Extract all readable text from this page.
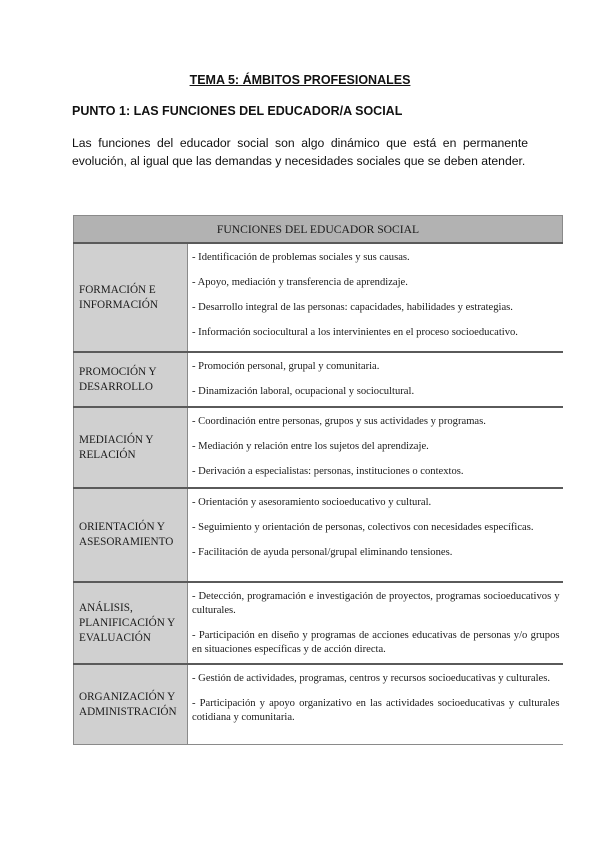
TEMA 5: ÁMBITOS PROFESIONALES
PUNTO 1: LAS FUNCIONES DEL EDUCADOR/A SOCIAL

Las funciones del educador social son algo dinámico que está en permanente evolución, al igual que las demandas y necesidades sociales que se deben atender.

FUNCIONES DEL EDUCADOR SOCIAL	
FORMACIÓN E INFORMACIÓN	- Identificación de problemas sociales y sus causas.
- Apoyo, mediación y transferencia de aprendizaje.
- Desarrollo integral de las personas: capacidades, habilidades y estrategias.
- Información sociocultural a los intervinientes en el proceso socioeducativo.

PROMOCIÓN Y DESARROLLO	- Promoción personal, grupal y comunitaria.
- Dinamización laboral, ocupacional y sociocultural.

MEDIACIÓN Y RELACIÓN	- Coordinación entre personas, grupos y sus actividades y programas.
- Mediación y relación entre los sujetos del aprendizaje.
- Derivación a especialistas: personas, instituciones o contextos.

ORIENTACIÓN Y ASESORAMIENTO	- Orientación y asesoramiento socioeducativo y cultural.
- Seguimiento y orientación de personas, colectivos con necesidades específicas.
- Facilitación de ayuda personal/grupal eliminando tensiones.

ANÁLISIS, PLANIFICACIÓN Y EVALUACIÓN	- Detección, programación e investigación de proyectos, programas socioeducativos y culturales.
- Participación en diseño y programas de acciones educativas de personas y/o grupos en situaciones específicas y de acción directa.

ORGANIZACIÓN Y ADMINISTRACIÓN	- Gestión de actividades, programas, centros y recursos socioeducativas y culturales.
- Participación y apoyo organizativo en las actividades socioeducativas y culturales cotidiana y comunitaria.
